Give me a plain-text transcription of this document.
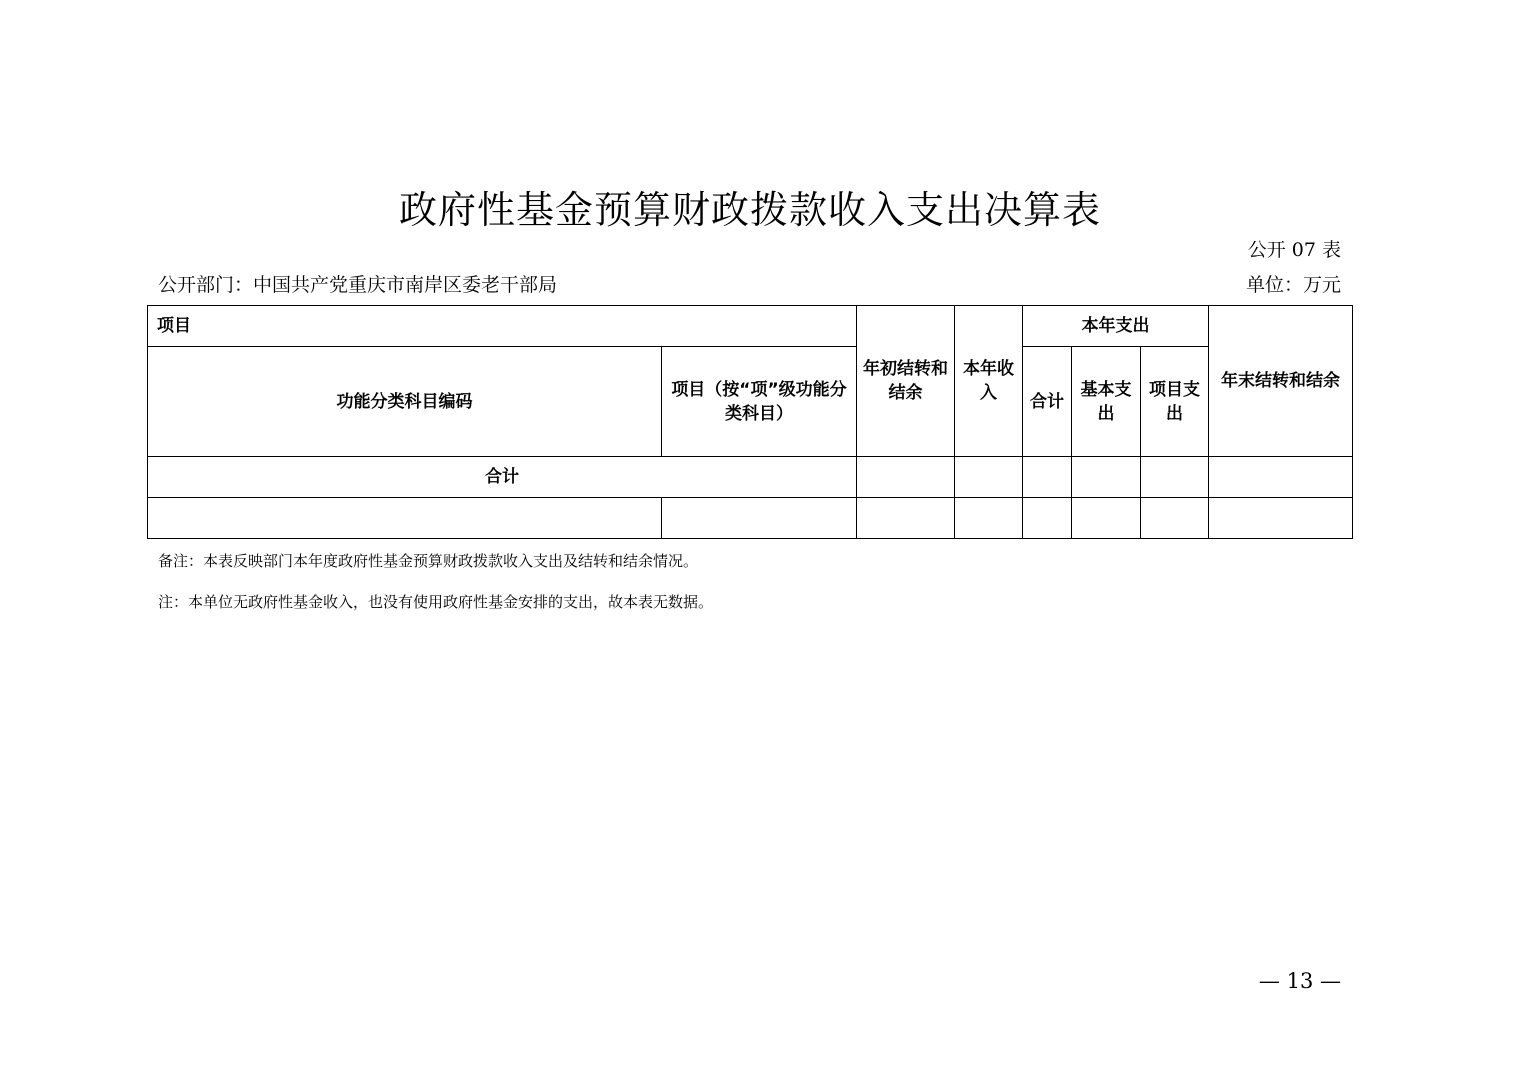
政府性基金预算财政拨款收入支出决算表
公开 07 表
公开部门：中国共产党重庆市南岸区委老干部局	单位：万元
项目		年初结转和结余	本年收入	本年支出			年末结转和结余
功能分类科目编码	项目（按“项”级功能分类科目）			合计	基本支出	项目支出	
合计							

备注：本表反映部门本年度政府性基金预算财政拨款收入支出及结转和结余情况。
注：本单位无政府性基金收入，也没有使用政府性基金安排的支出，故本表无数据。
— 13 —
